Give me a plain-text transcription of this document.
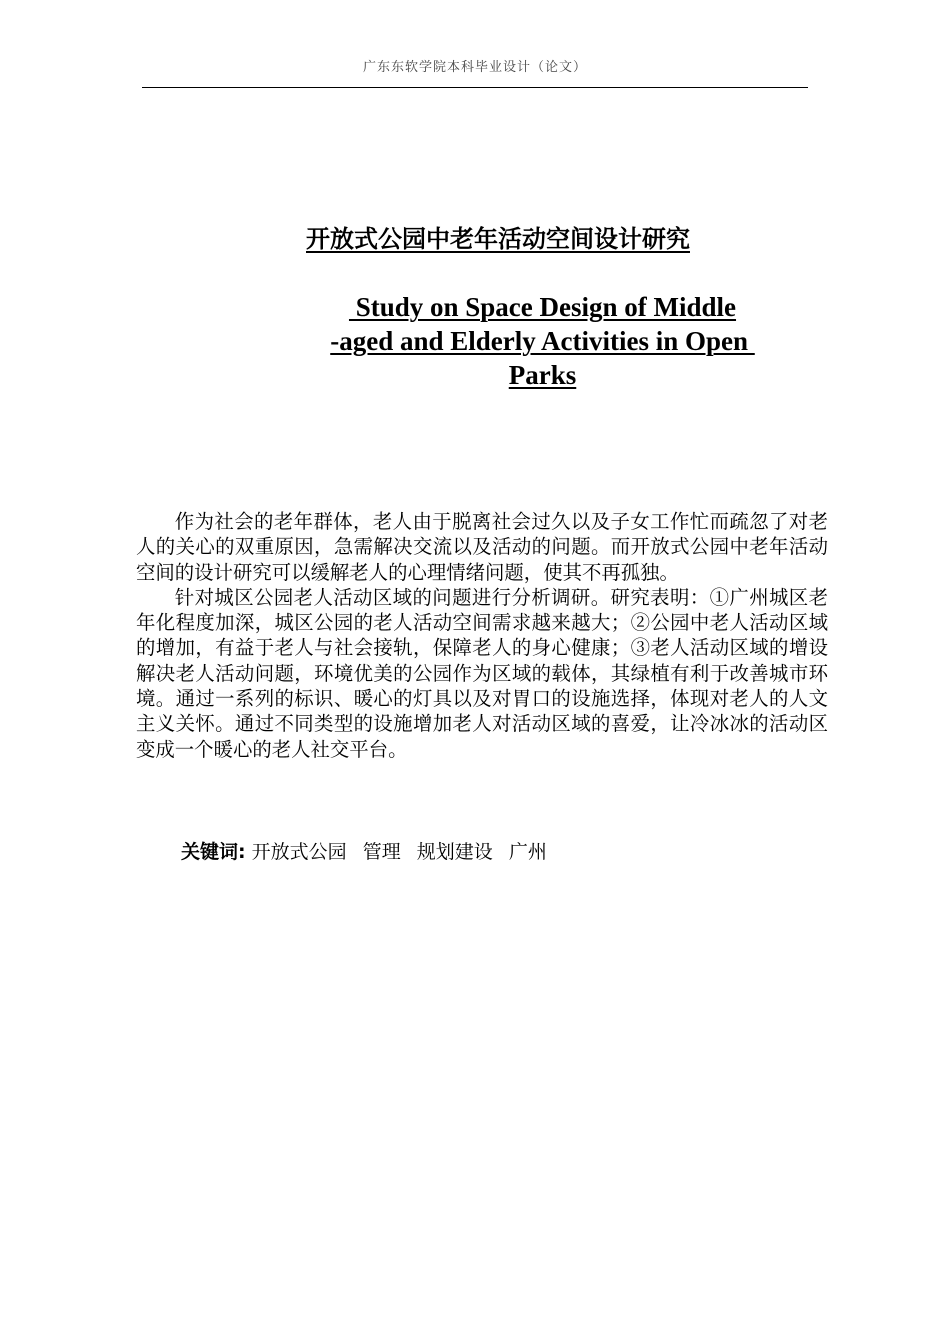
广东东软学院本科毕业设计（论文）
开放式公园中老年活动空间设计研究
Study on Space Design of Middle
-aged and Elderly Activities in Open
Parks

作为社会的老年群体，老人由于脱离社会过久以及子女工作忙而疏忽了对老人的关心的双重原因，急需解决交流以及活动的问题。而开放式公园中老年活动空间的设计研究可以缓解老人的心理情绪问题，使其不再孤独。

针对城区公园老人活动区域的问题进行分析调研。研究表明：①广州城区老年化程度加深，城区公园的老人活动空间需求越来越大；②公园中老人活动区域的增加，有益于老人与社会接轨，保障老人的身心健康；③老人活动区域的增设解决老人活动问题，环境优美的公园作为区域的载体，其绿植有利于改善城市环境。通过一系列的标识、暖心的灯具以及对胃口的设施选择，体现对老人的人文主义关怀。通过不同类型的设施增加老人对活动区域的喜爱，让冷冰冰的活动区变成一个暖心的老人社交平台。

关键词: 开放式公园 管理 规划建设 广州
